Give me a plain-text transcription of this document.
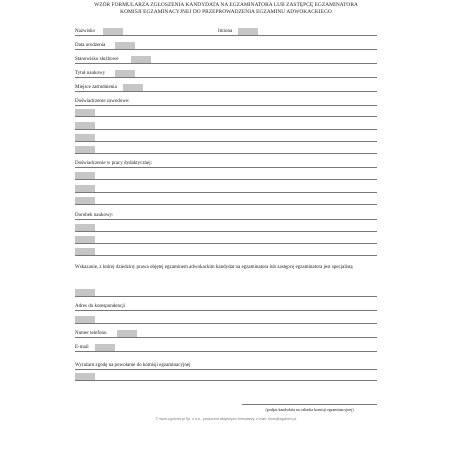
WZÓR FORMULARZA ZGŁOSZENIA KANDYDATA NA EGZAMINATORA LUB ZASTĘPCĘ EGZAMINATORA
KOMISJI EGZAMINACYJNEJ DO PRZEPROWADZENIA EGZAMINU ADWOKACKIEGO
Nazwisko	Imiona
Data urodzenia
Stanowisko służbowe
Tytuł naukowy
Miejsce zatrudnienia
Doświadczenie zawodowe:
Doświadczenie w pracy dydaktycznej:
Dorobek naukowy:
Wskazanie, z której dziedziny prawa objętej egzaminem adwokackim kandydat na egzaminatora lub zastępcę egzaminatora jest specjalistą
Adres do korespondencji
Numer telefonu
E-mail
Wyrażam zgodę na powołanie do komisji egzaminacyjnej
(podpis kandydata na członka komisji egzaminacyjnej)
© www.zgoform.pl Sp. z o.o., producent aktywnych formularzy, e-mail: biuro@zgoform.pl
